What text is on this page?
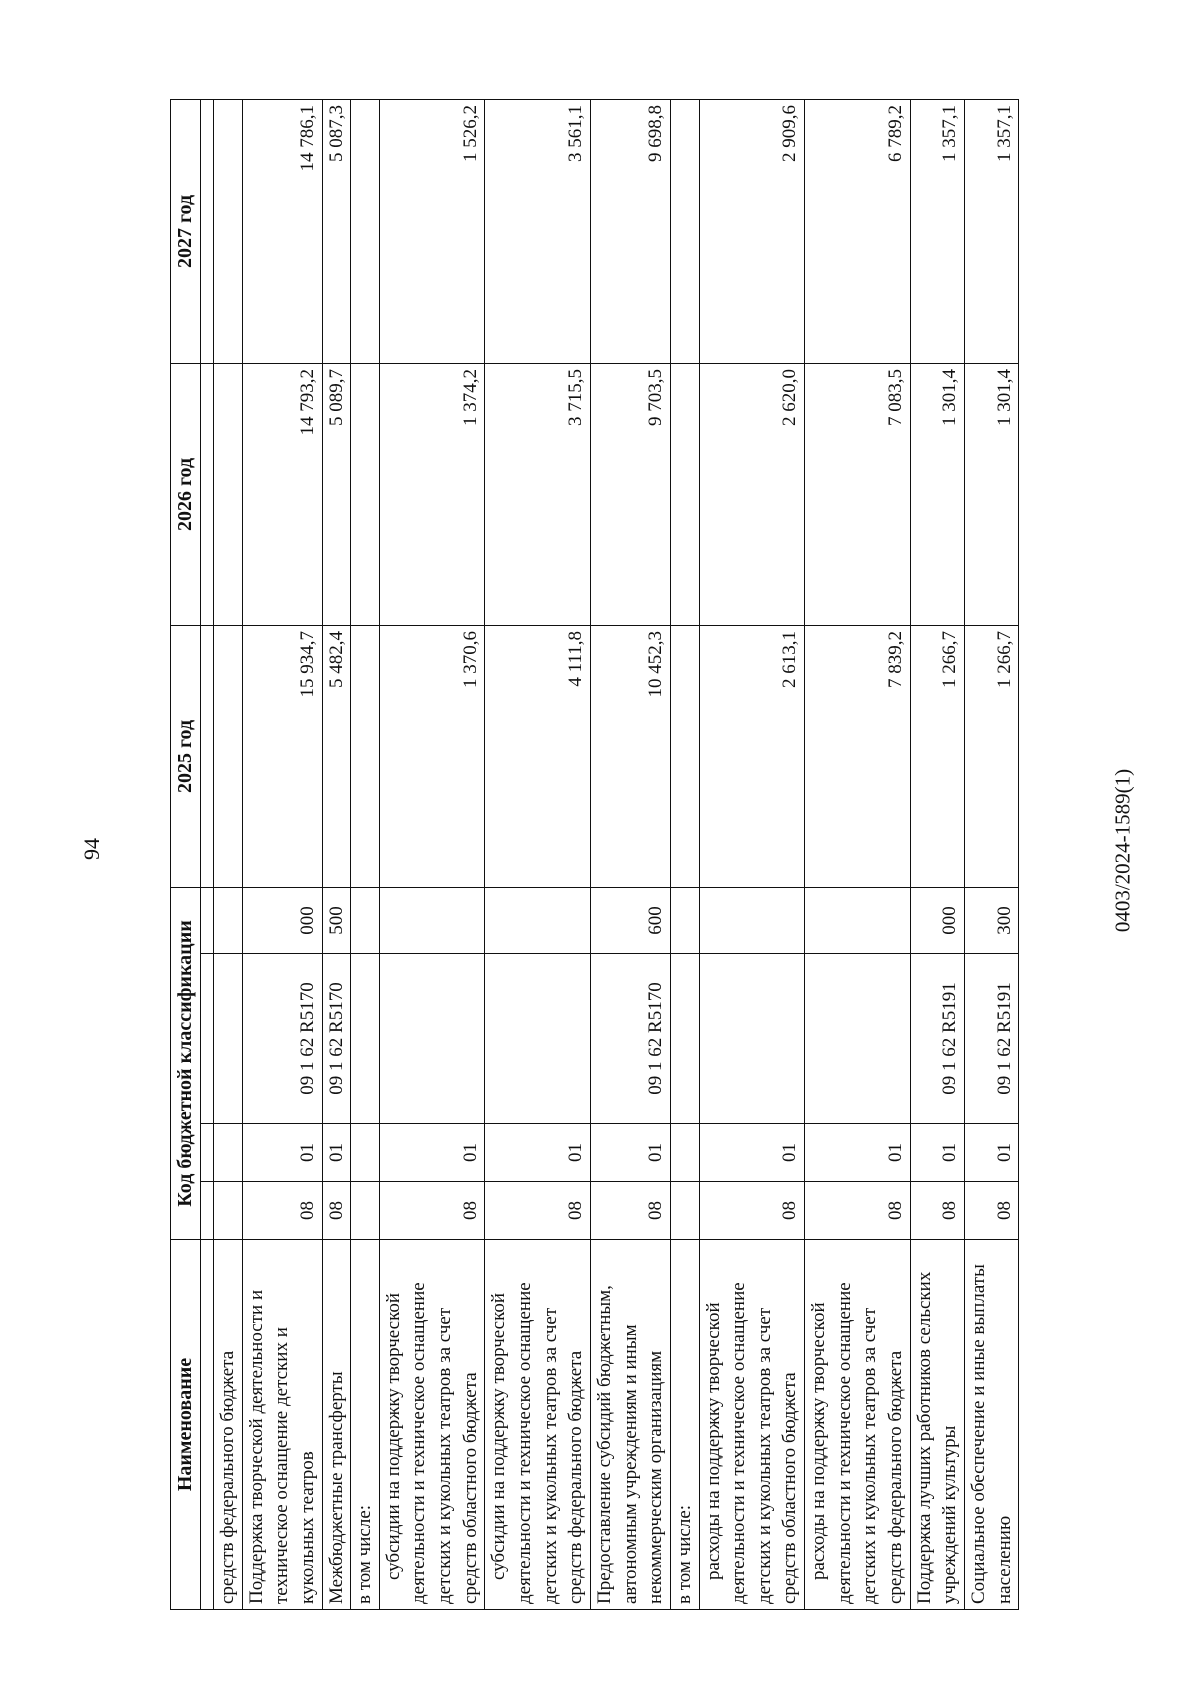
94
Наименование	Код бюджетной классификации				2025 год	2026 год	2027 год

средств федерального бюджета							
Поддержка творческой деятельности и техническое оснащение детских и кукольных театров	08	01	09 1 62 R5170	000	15 934,7	14 793,2	14 786,1
Межбюджетные трансферты	08	01	09 1 62 R5170	500	5 482,4	5 089,7	5 087,3
в том числе:							
субсидии на поддержку творческой деятельности и техническое оснащение детских и кукольных театров за счет средств областного бюджета	08	01			1 370,6	1 374,2	1 526,2
субсидии на поддержку творческой деятельности и техническое оснащение детских и кукольных театров за счет средств федерального бюджета	08	01			4 111,8	3 715,5	3 561,1
Предоставление субсидий бюджетным, автономным учреждениям и иным некоммерческим организациям	08	01	09 1 62 R5170	600	10 452,3	9 703,5	9 698,8
в том числе:							
расходы на поддержку творческой деятельности и техническое оснащение детских и кукольных театров за счет средств областного бюджета	08	01			2 613,1	2 620,0	2 909,6
расходы на поддержку творческой деятельности и техническое оснащение детских и кукольных театров за счет средств федерального бюджета	08	01			7 839,2	7 083,5	6 789,2
Поддержка лучших работников сельских учреждений культуры	08	01	09 1 62 R5191	000	1 266,7	1 301,4	1 357,1
Социальное обеспечение и иные выплаты населению	08	01	09 1 62 R5191	300	1 266,7	1 301,4	1 357,1
0403/2024-1589(1)
